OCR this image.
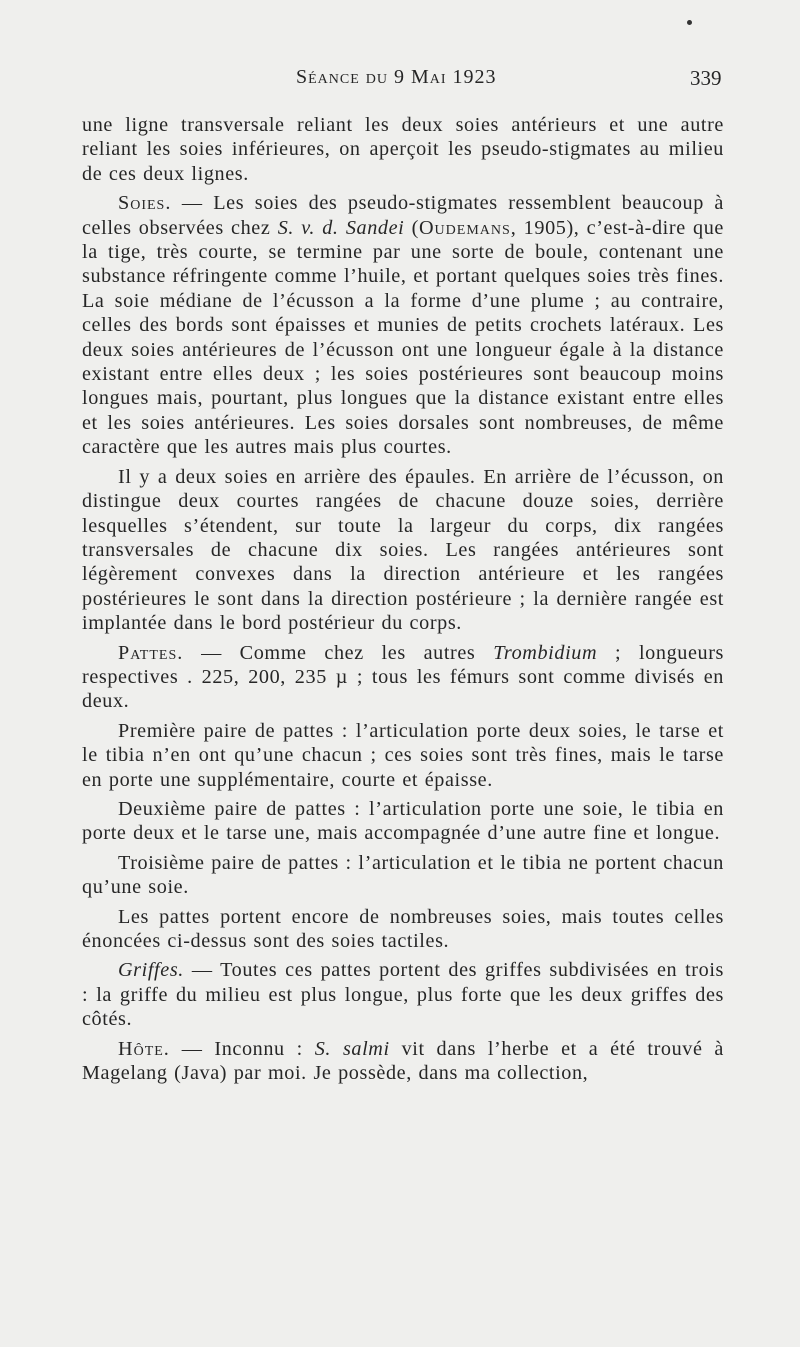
Séance du 9 Mai 1923	339

une ligne transversale reliant les deux soies antérieurs et une autre reliant les soies inférieures, on aperçoit les pseudo-stigmates au milieu de ces deux lignes.

Soies. — Les soies des pseudo-stigmates ressemblent beaucoup à celles observées chez S. v. d. Sandei (Oudemans, 1905), c’est-à-dire que la tige, très courte, se termine par une sorte de boule, contenant une substance réfringente comme l’huile, et portant quelques soies très fines. La soie médiane de l’écusson a la forme d’une plume ; au contraire, celles des bords sont épaisses et munies de petits crochets latéraux. Les deux soies antérieures de l’écusson ont une longueur égale à la distance existant entre elles deux ; les soies postérieures sont beaucoup moins longues mais, pourtant, plus longues que la distance existant entre elles et les soies antérieures. Les soies dorsales sont nombreuses, de même caractère que les autres mais plus courtes.

Il y a deux soies en arrière des épaules. En arrière de l’écusson, on distingue deux courtes rangées de chacune douze soies, derrière lesquelles s’étendent, sur toute la largeur du corps, dix rangées transversales de chacune dix soies. Les rangées antérieures sont légèrement convexes dans la direction antérieure et les rangées postérieures le sont dans la direction postérieure ; la dernière rangée est implantée dans le bord postérieur du corps.

Pattes. — Comme chez les autres Trombidium ; longueurs respectives . 225, 200, 235 µ ; tous les fémurs sont comme divisés en deux.

Première paire de pattes : l’articulation porte deux soies, le tarse et le tibia n’en ont qu’une chacun ; ces soies sont très fines, mais le tarse en porte une supplémentaire, courte et épaisse.

Deuxième paire de pattes : l’articulation porte une soie, le tibia en porte deux et le tarse une, mais accompagnée d’une autre fine et longue.

Troisième paire de pattes : l’articulation et le tibia ne portent chacun qu’une soie.

Les pattes portent encore de nombreuses soies, mais toutes celles énoncées ci-dessus sont des soies tactiles.

Griffes. — Toutes ces pattes portent des griffes subdivisées en trois : la griffe du milieu est plus longue, plus forte que les deux griffes des côtés.

Hôte. — Inconnu : S. salmi vit dans l’herbe et a été trouvé à Magelang (Java) par moi. Je possède, dans ma collection,
